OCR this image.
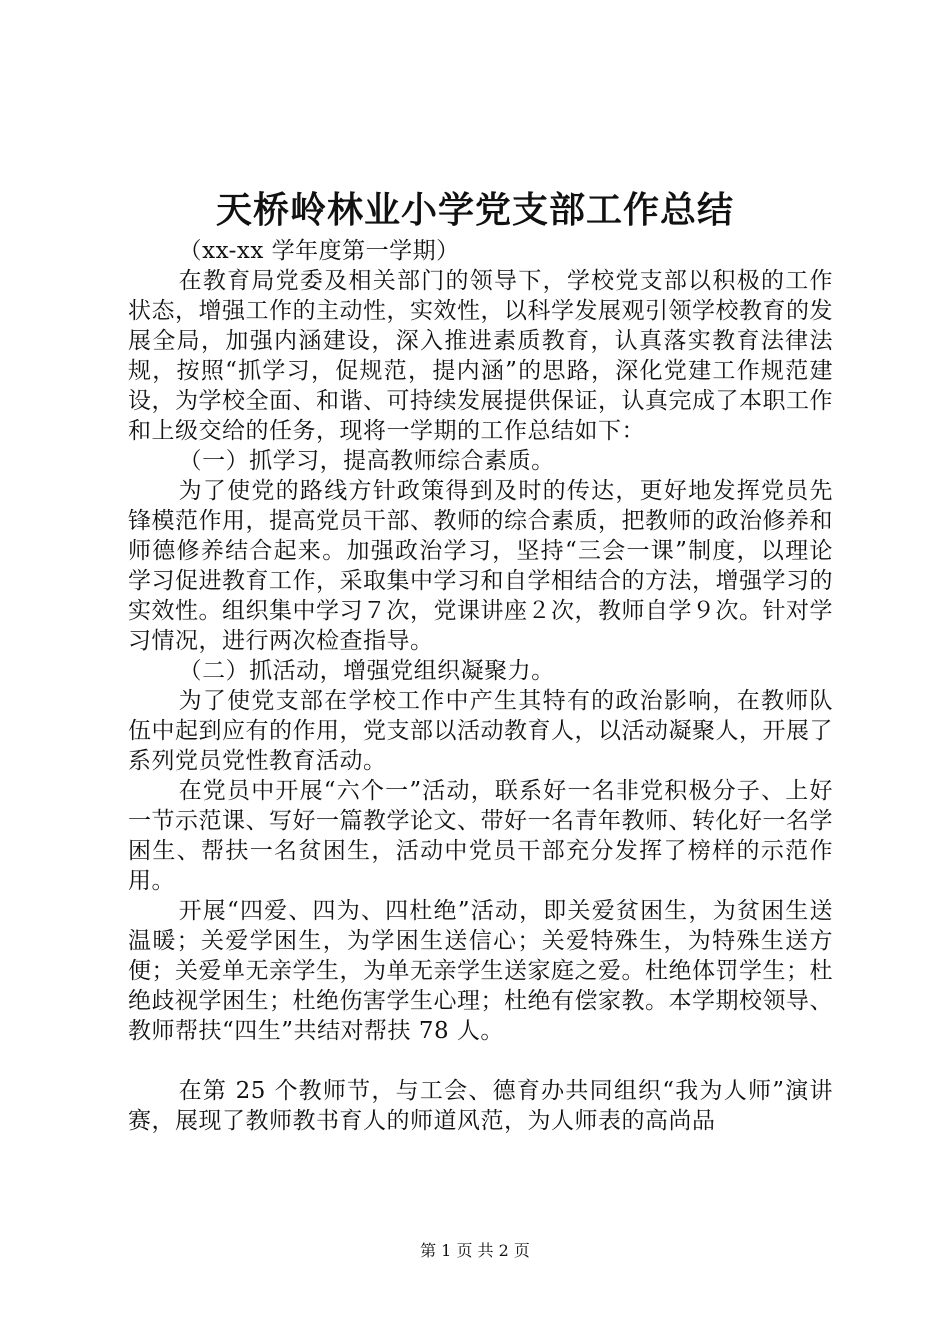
天桥岭林业小学党支部工作总结

（xx-xx 学年度第一学期）

在教育局党委及相关部门的领导下，学校党支部以积极的工作状态，增强工作的主动性，实效性，以科学发展观引领学校教育的发展全局，加强内涵建设，深入推进素质教育，认真落实教育法律法规，按照“抓学习，促规范，提内涵”的思路，深化党建工作规范建设，为学校全面、和谐、可持续发展提供保证，认真完成了本职工作和上级交给的任务，现将一学期的工作总结如下：

（一）抓学习，提高教师综合素质。

为了使党的路线方针政策得到及时的传达，更好地发挥党员先锋模范作用，提高党员干部、教师的综合素质，把教师的政治修养和师德修养结合起来。加强政治学习，坚持“三会一课”制度，以理论学习促进教育工作，采取集中学习和自学相结合的方法，增强学习的实效性。组织集中学习７次，党课讲座２次，教师自学９次。针对学习情况，进行两次检查指导。

（二）抓活动，增强党组织凝聚力。

为了使党支部在学校工作中产生其特有的政治影响，在教师队伍中起到应有的作用，党支部以活动教育人，以活动凝聚人，开展了系列党员党性教育活动。

在党员中开展“六个一”活动，联系好一名非党积极分子、上好一节示范课、写好一篇教学论文、带好一名青年教师、转化好一名学困生、帮扶一名贫困生，活动中党员干部充分发挥了榜样的示范作用。

开展“四爱、四为、四杜绝”活动，即关爱贫困生，为贫困生送温暖；关爱学困生，为学困生送信心；关爱特殊生，为特殊生送方便；关爱单无亲学生，为单无亲学生送家庭之爱。杜绝体罚学生；杜绝歧视学困生；杜绝伤害学生心理；杜绝有偿家教。本学期校领导、教师帮扶“四生”共结对帮扶 78 人。

在第 25 个教师节，与工会、德育办共同组织“我为人师”演讲赛，展现了教师教书育人的师道风范，为人师表的高尚品

第 1 页 共 2 页
